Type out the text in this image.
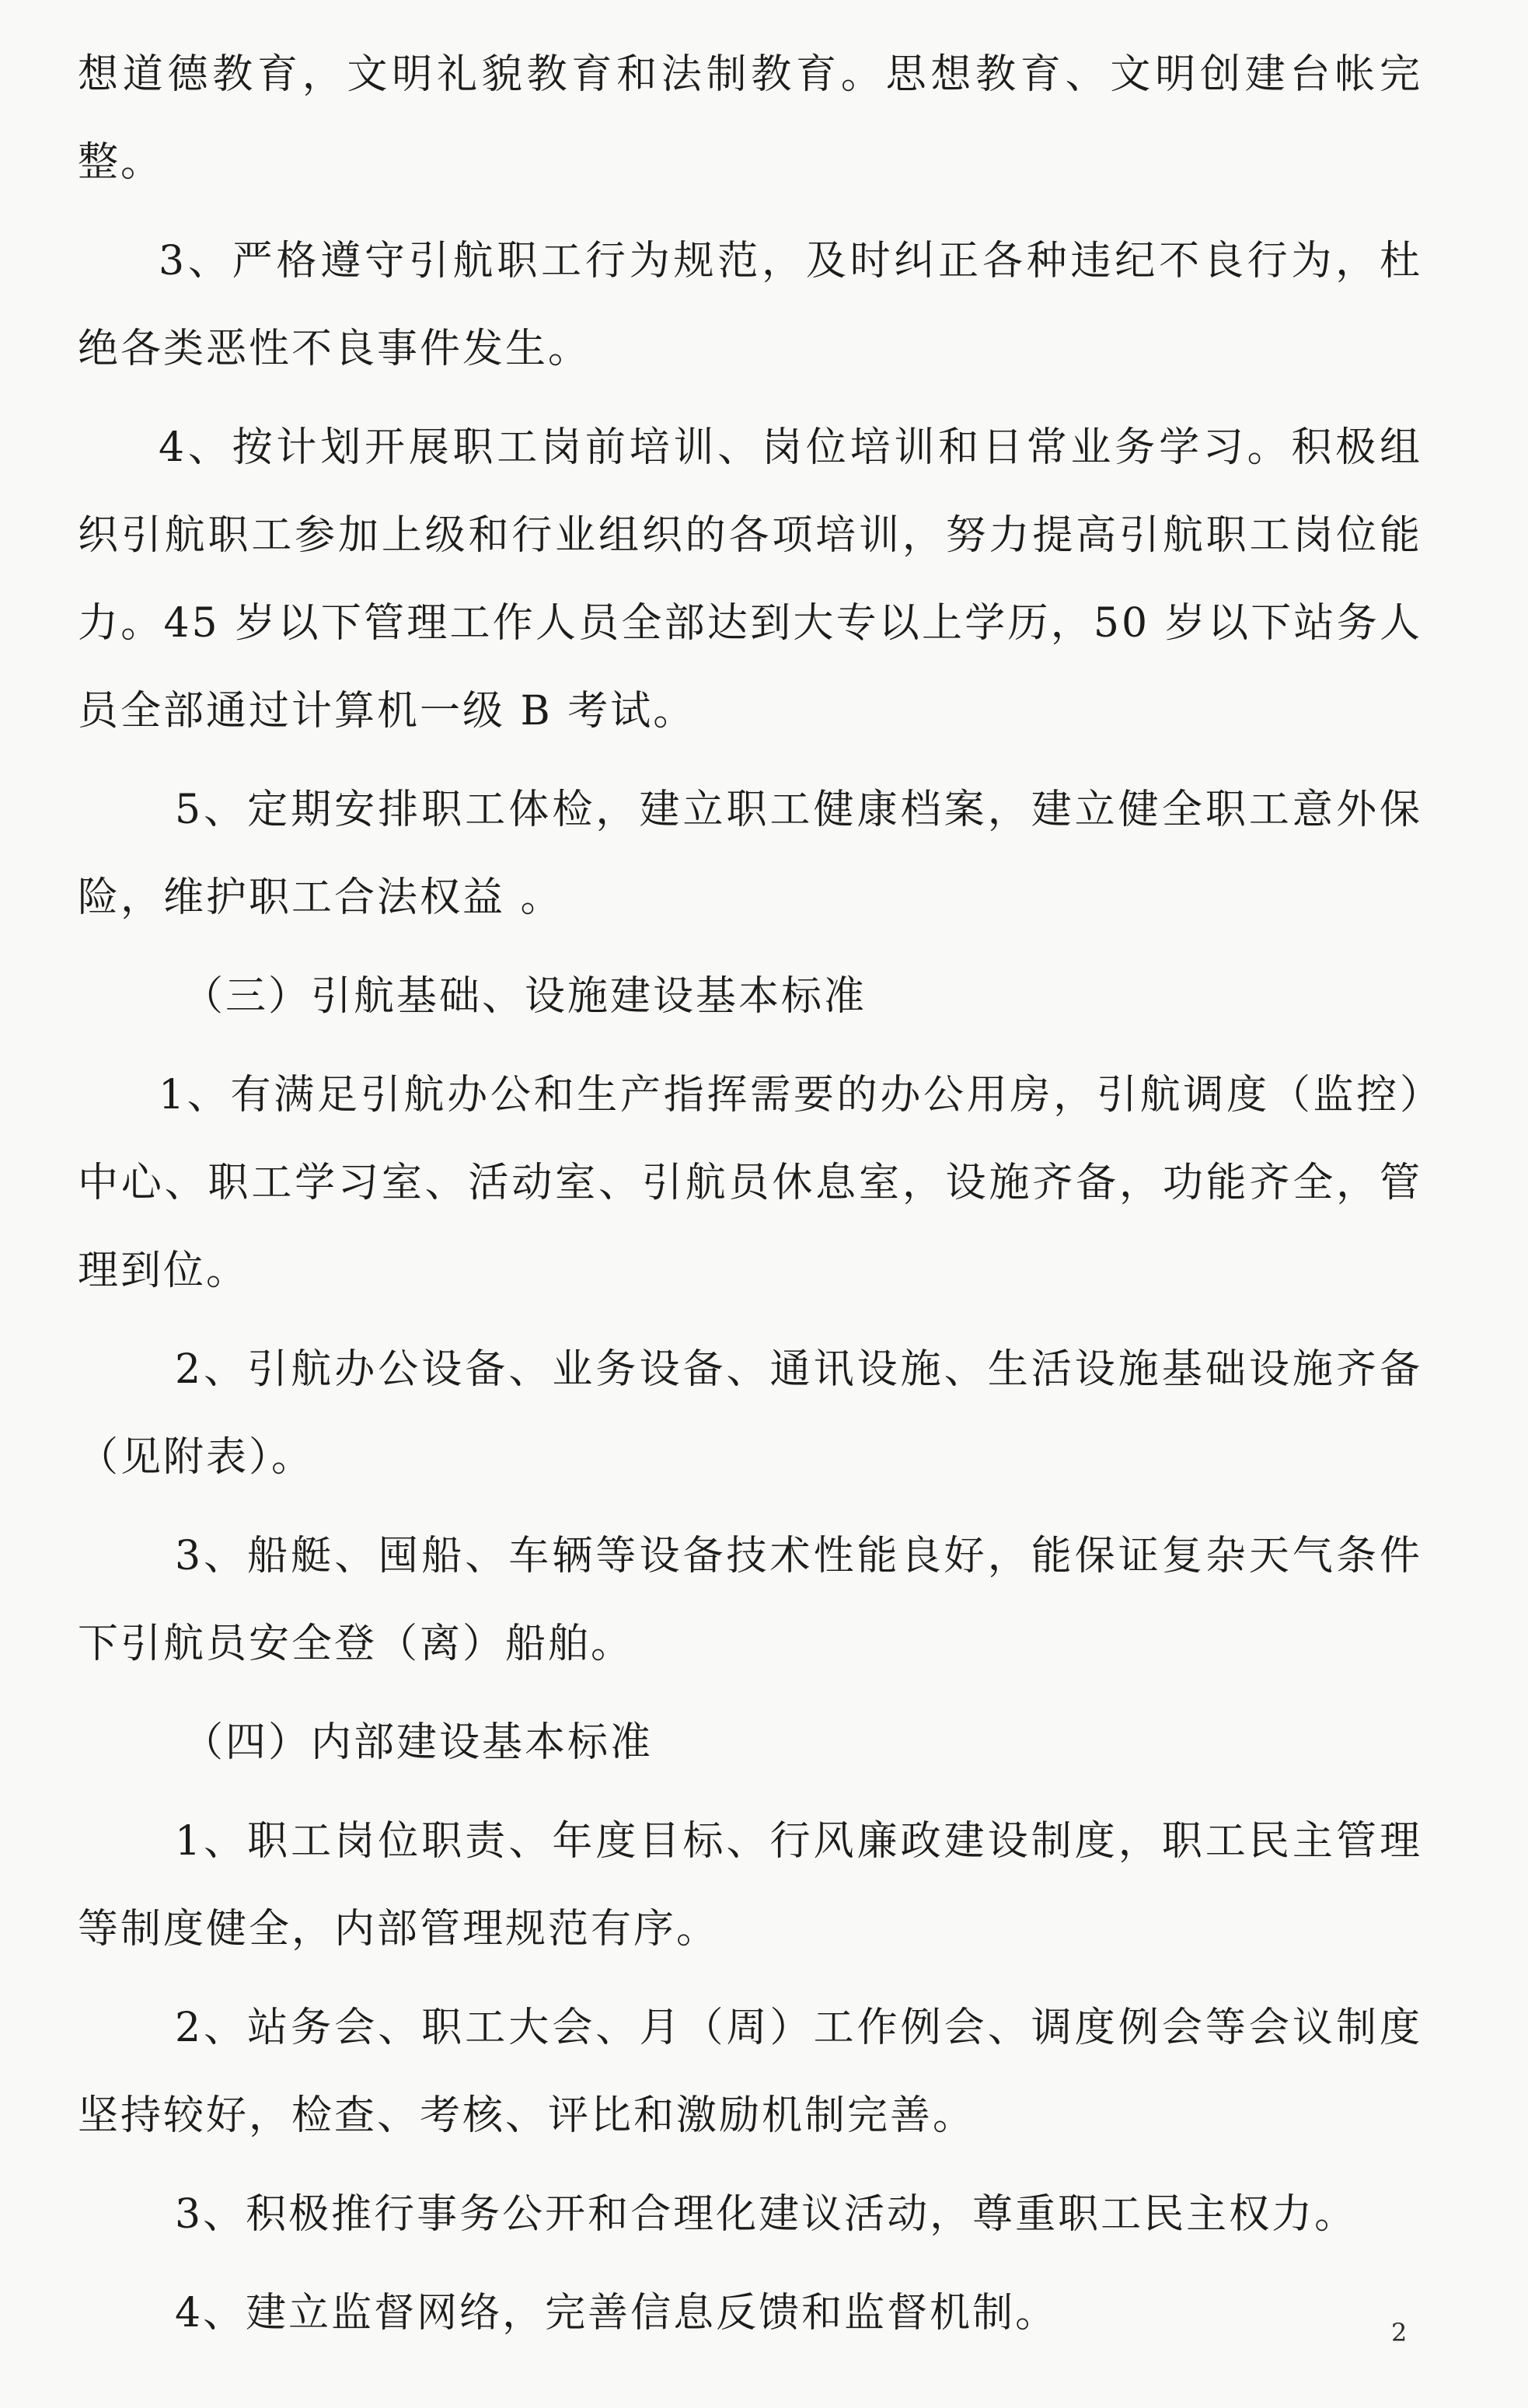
想道德教育，文明礼貌教育和法制教育。思想教育、文明创建台帐完整。

3、严格遵守引航职工行为规范，及时纠正各种违纪不良行为，杜绝各类恶性不良事件发生。

4、按计划开展职工岗前培训、岗位培训和日常业务学习。积极组织引航职工参加上级和行业组织的各项培训，努力提高引航职工岗位能力。45 岁以下管理工作人员全部达到大专以上学历，50 岁以下站务人员全部通过计算机一级 B 考试。

5、定期安排职工体检，建立职工健康档案，建立健全职工意外保险，维护职工合法权益 。

（三）引航基础、设施建设基本标准

1、有满足引航办公和生产指挥需要的办公用房，引航调度（监控）中心、职工学习室、活动室、引航员休息室，设施齐备，功能齐全，管理到位。

2、引航办公设备、业务设备、通讯设施、生活设施基础设施齐备（见附表）。

3、船艇、囤船、车辆等设备技术性能良好，能保证复杂天气条件下引航员安全登（离）船舶。

（四）内部建设基本标准

1、职工岗位职责、年度目标、行风廉政建设制度，职工民主管理等制度健全，内部管理规范有序。

2、站务会、职工大会、月（周）工作例会、调度例会等会议制度坚持较好，检查、考核、评比和激励机制完善。

3、积极推行事务公开和合理化建议活动，尊重职工民主权力。

4、建立监督网络，完善信息反馈和监督机制。	2
